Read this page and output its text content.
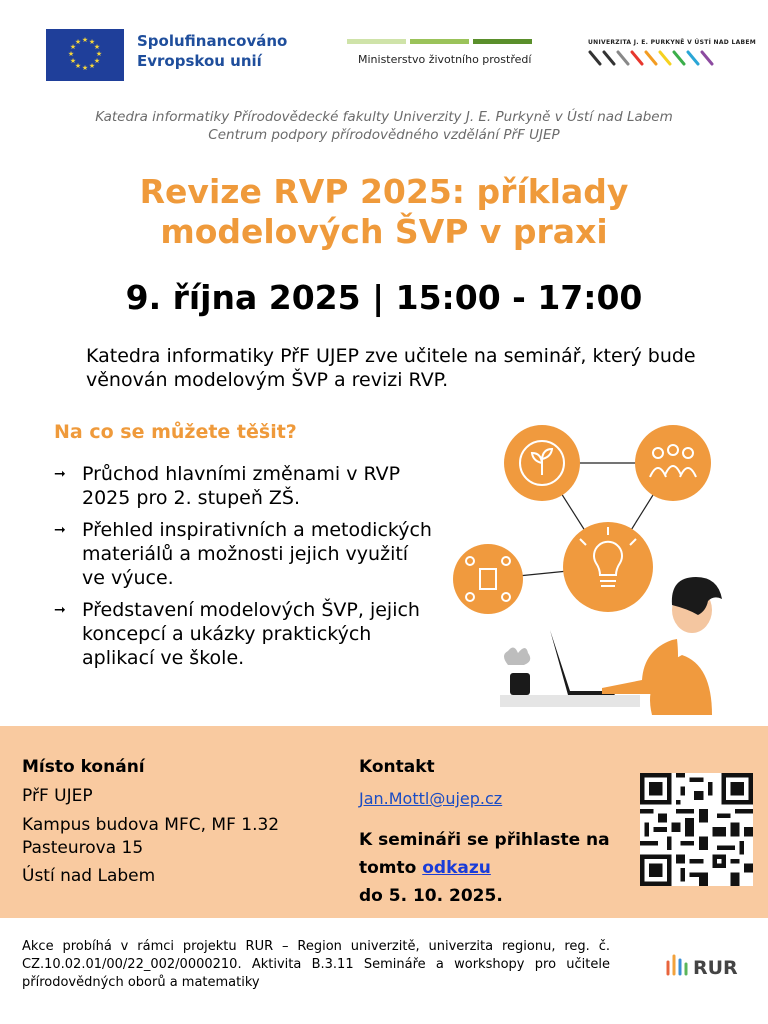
★ ★
★
★
★
★
★
★
★
★
★
★	Spolufinancováno
Evropskou unií	Ministerstvo životního prostředí
UNIVERZITA J. E. PURKYNĚ V ÚSTÍ NAD LABEM
Katedra informatiky Přírodovědecké fakulty Univerzity J. E. Purkyně v Ústí nad Labem
Centrum podpory přírodovědného vzdělání PřF UJEP
Revize RVP 2025: příklady
modelových ŠVP v praxi
9. října 2025 | 15:00 - 17:00
Katedra informatiky PřF UJEP zve učitele na seminář, který bude věnován modelovým ŠVP a revizi RVP.
Na co se můžete těšit?
➞ Průchod hlavními změnami v RVP 2025 pro 2. stupeň ZŠ.
➞ Přehled inspirativních a metodických materiálů a možnosti jejich využití ve výuce.
➞ Představení modelových ŠVP, jejich koncepcí a ukázky praktických aplikací ve škole.
Místo konání
PřF UJEP
Kampus budova MFC, MF 1.32
Pasteurova 15
Ústí nad Labem
Kontakt
Jan.Mottl@ujep.cz
K semináři se přihlaste na tomto odkazu
do 5. 10. 2025.
Akce probíhá v rámci projektu RUR – Region univerzitě, univerzita regionu, reg. č. CZ.10.02.01/00/22_002/0000210. Aktivita B.3.11 Semináře a workshopy pro učitele přírodovědných oborů a matematiky
RUR
